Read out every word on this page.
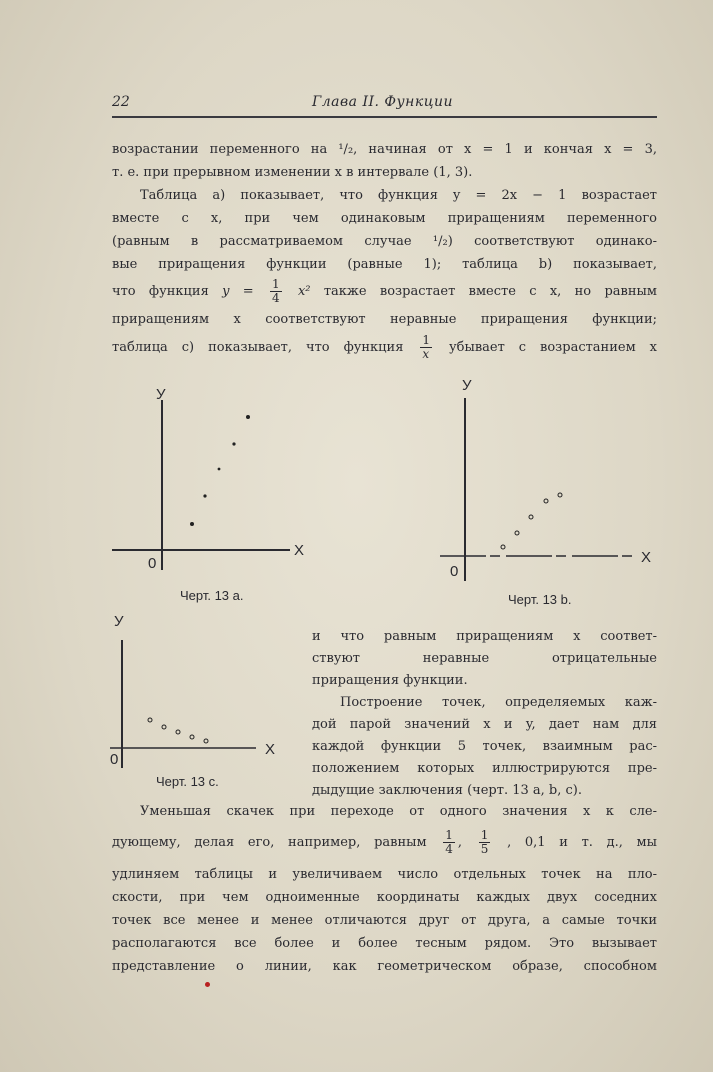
22	Глава II. Функции
возрастании переменного на ¹/₂, начиная от x = 1 и кончая x = 3,
т. е. при прерывном изменении x в интервале (1, 3).
Таблица a) показывает, что функция y = 2x − 1 возрастает
вместе с x, при чем одинаковым приращениям переменного
(равным в рассматриваемом случае ¹/₂) соответствуют одинако-
вые приращения функции (равные 1); таблица b) показывает,
что функция $y = \frac{1}{4} x^2$ также возрастает вместе с x, но равным
приращениям x соответствуют неравные приращения функции;
таблица c) показывает, что функция $\frac{1}{x}$ убывает с возрастанием x
У
X
0
Черт. 13 a.
У
X
0
Черт. 13 b.
У
X
0
Черт. 13 c.
и что равным приращениям x соответ-
ствуют неравные отрицательные
приращения функции.
Построение точек, определяемых каж-
дой парой значений x и y, дает нам для
каждой функции 5 точек, взаимным рас-
положением которых иллюстрируются пре-
дыдущие заключения (черт. 13 a, b, c).
Уменьшая скачек при переходе от одного значения x к сле-
дующему, делая его, например, равным $\frac{1}{4}$ , $\frac{1}{5}$ , 0,1 и т. д., мы
удлиняем таблицы и увеличиваем число отдельных точек на пло-
скости, при чем одноименные координаты каждых двух соседних
точек все менее и менее отличаются друг от друга, а самые точки
располагаются все более и более тесным рядом. Это вызывает
представление о линии, как геометрическом образе, способном
